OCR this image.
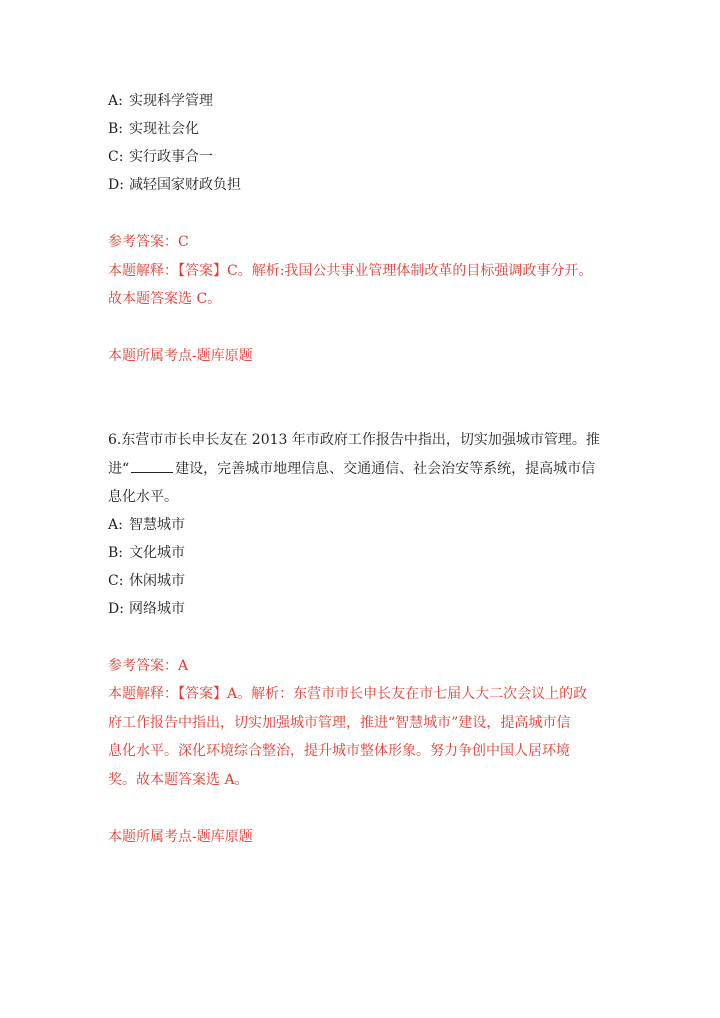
A: 实现科学管理
B: 实现社会化
C: 实行政事合一
D: 减轻国家财政负担
参考答案：C
本题解释：【答案】C。解析:我国公共事业管理体制改革的目标强调政事分开。
故本题答案选 C。
本题所属考点-题库原题
6.东营市市长申长友在 2013 年市政府工作报告中指出，切实加强城市管理。推
进“	建设，完善城市地理信息、交通通信、社会治安等系统，提高城市信
息化水平。
A: 智慧城市
B: 文化城市
C: 休闲城市
D: 网络城市
参考答案：A
本题解释：【答案】A。解析：东营市市长申长友在市七届人大二次会议上的政
府工作报告中指出，切实加强城市管理，推进“智慧城市”建设，提高城市信
息化水平。深化环境综合整治，提升城市整体形象。努力争创中国人居环境
奖。故本题答案选 A。
本题所属考点-题库原题
